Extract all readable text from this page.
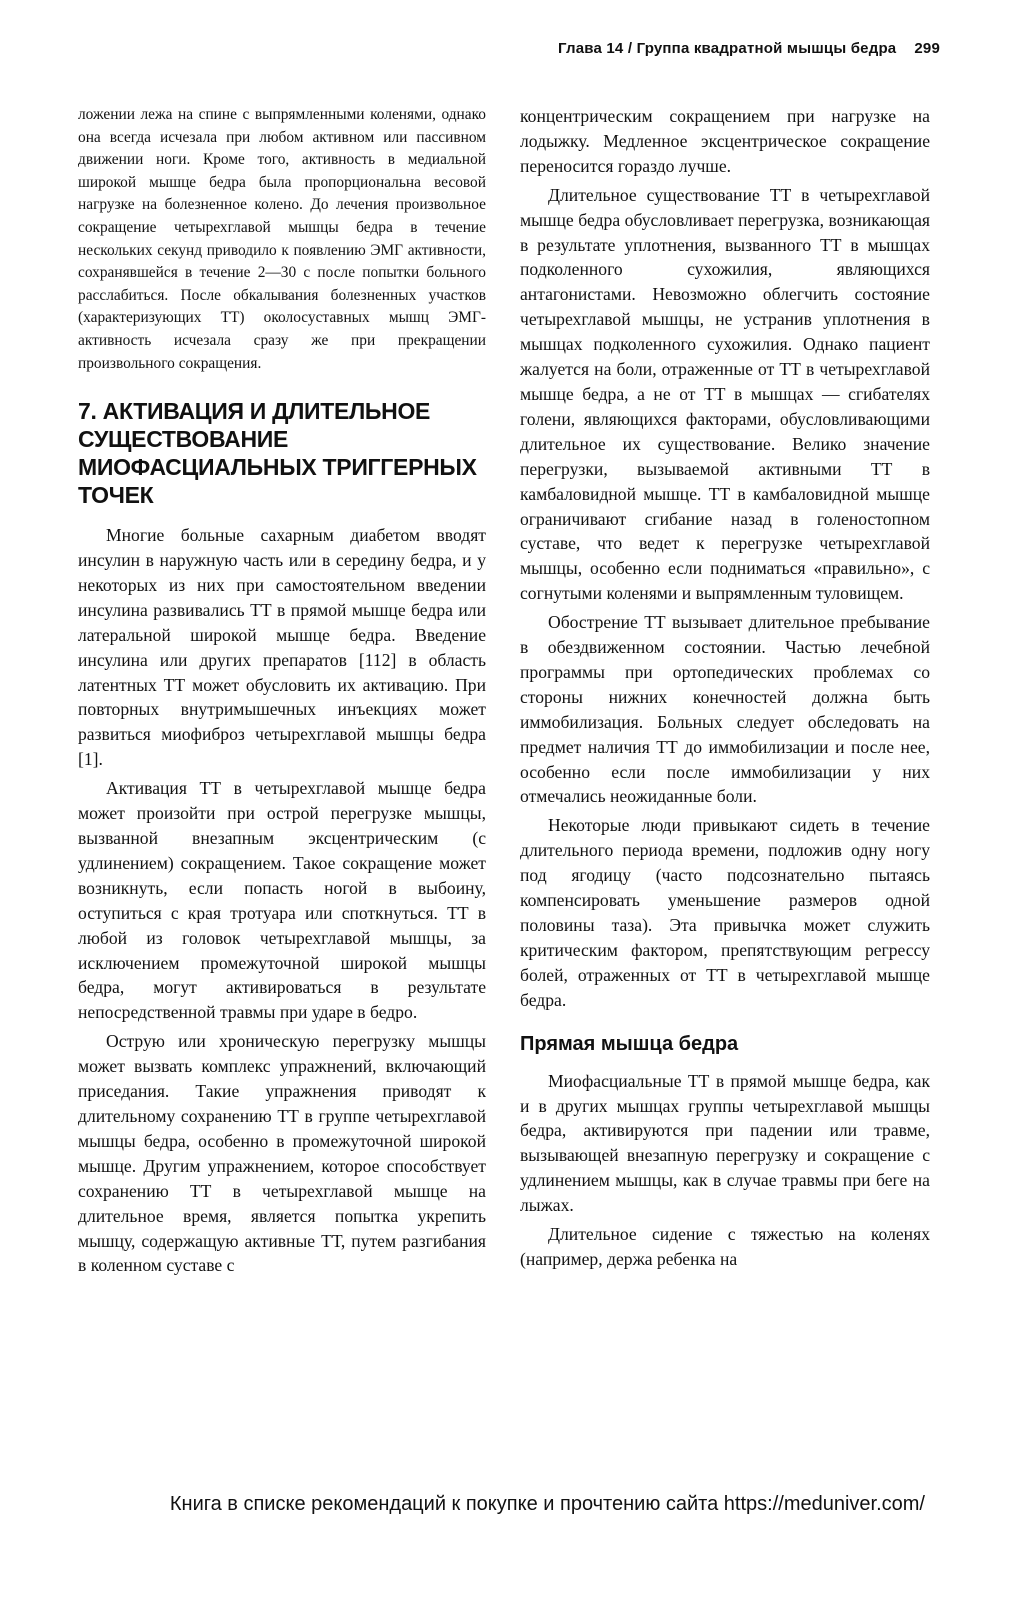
Глава 14 / Группа квадратной мышцы бедра 299

ложении лежа на спине с выпрямленными коленями, однако она всегда исчезала при любом активном или пассивном движении ноги. Кроме того, активность в медиальной широкой мышце бедра была пропорциональна весовой нагрузке на болезненное колено. До лечения произвольное сокращение четырехглавой мышцы бедра в течение нескольких секунд приводило к появлению ЭМГ активности, сохранявшейся в течение 2—30 с после попытки больного расслабиться. После обкалывания болезненных участков (характеризующих ТТ) околосуставных мышц ЭМГ-активность исчезала сразу же при прекращении произвольного сокращения.

7. АКТИВАЦИЯ И ДЛИТЕЛЬНОЕ СУЩЕСТВОВАНИЕ МИОФАСЦИАЛЬНЫХ ТРИГГЕРНЫХ ТОЧЕК

Многие больные сахарным диабетом вводят инсулин в наружную часть или в середину бедра, и у некоторых из них при самостоятельном введении инсулина развивались ТТ в прямой мышце бедра или латеральной широкой мышце бедра. Введение инсулина или других препаратов [112] в область латентных ТТ может обусловить их активацию. При повторных внутримышечных инъекциях может развиться миофиброз четырехглавой мышцы бедра [1].

Активация ТТ в четырехглавой мышце бедра может произойти при острой перегрузке мышцы, вызванной внезапным эксцентрическим (с удлинением) сокращением. Такое сокращение может возникнуть, если попасть ногой в выбоину, оступиться с края тротуара или споткнуться. ТТ в любой из головок четырехглавой мышцы, за исключением промежуточной широкой мышцы бедра, могут активироваться в результате непосредственной травмы при ударе в бедро.

Острую или хроническую перегрузку мышцы может вызвать комплекс упражнений, включающий приседания. Такие упражнения приводят к длительному сохранению ТТ в группе четырехглавой мышцы бедра, особенно в промежуточной широкой мышце. Другим упражнением, которое способствует сохранению ТТ в четырехглавой мышце на длительное время, является попытка укрепить мышцу, содержащую активные ТТ, путем разгибания в коленном суставе с

концентрическим сокращением при нагрузке на лодыжку. Медленное эксцентрическое сокращение переносится гораздо лучше.

Длительное существование ТТ в четырехглавой мышце бедра обусловливает перегрузка, возникающая в результате уплотнения, вызванного ТТ в мышцах подколенного сухожилия, являющихся антагонистами. Невозможно облегчить состояние четырехглавой мышцы, не устранив уплотнения в мышцах подколенного сухожилия. Однако пациент жалуется на боли, отраженные от ТТ в четырехглавой мышце бедра, а не от ТТ в мышцах — сгибателях голени, являющихся факторами, обусловливающими длительное их существование. Велико значение перегрузки, вызываемой активными ТТ в камбаловидной мышце. ТТ в камбаловидной мышце ограничивают сгибание назад в голеностопном суставе, что ведет к перегрузке четырехглавой мышцы, особенно если подниматься «правильно», с согнутыми коленями и выпрямленным туловищем.

Обострение ТТ вызывает длительное пребывание в обездвиженном состоянии. Частью лечебной программы при ортопедических проблемах со стороны нижних конечностей должна быть иммобилизация. Больных следует обследовать на предмет наличия ТТ до иммобилизации и после нее, особенно если после иммобилизации у них отмечались неожиданные боли.

Некоторые люди привыкают сидеть в течение длительного периода времени, подложив одну ногу под ягодицу (часто подсознательно пытаясь компенсировать уменьшение размеров одной половины таза). Эта привычка может служить критическим фактором, препятствующим регрессу болей, отраженных от ТТ в четырехглавой мышце бедра.

Прямая мышца бедра

Миофасциальные ТТ в прямой мышце бедра, как и в других мышцах группы четырехглавой мышцы бедра, активируются при падении или травме, вызывающей внезапную перегрузку и сокращение с удлинением мышцы, как в случае травмы при беге на лыжах.

Длительное сидение с тяжестью на коленях (например, держа ребенка на

Книга в списке рекомендаций к покупке и прочтению сайта https://meduniver.com/
